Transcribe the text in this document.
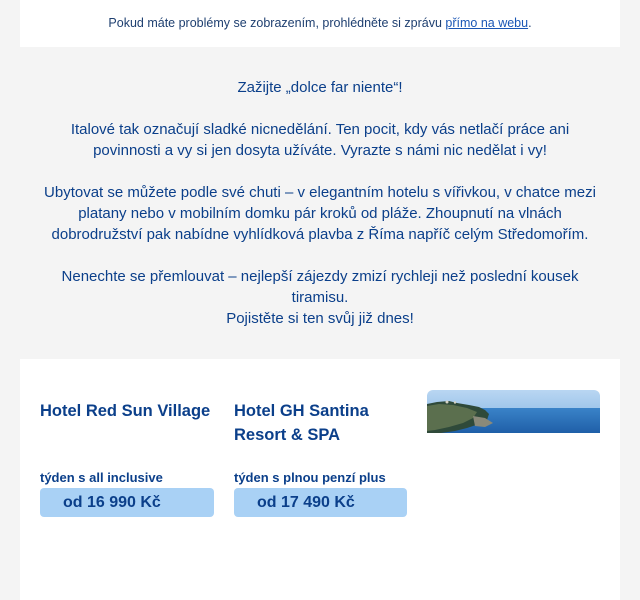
Pokud máte problémy se zobrazením, prohlédněte si zprávu přímo na webu.

Zažijte „dolce far niente“!

Italové tak označují sladké nicnedělání. Ten pocit, kdy vás netlačí práce ani povinnosti a vy si jen dosyta užíváte. Vyrazte s námi nic nedělat i vy!

Ubytovat se můžete podle své chuti – v elegantním hotelu s vířivkou, v chatce mezi platany nebo v mobilním domku pár kroků od pláže. Zhoupnutí na vlnách dobrodružství pak nabídne vyhlídková plavba z Říma napříč celým Středomořím.

Nenechte se přemlouvat – nejlepší zájezdy zmizí rychleji než poslední kousek tiramisu.

Pojistěte si ten svůj již dnes!

Hotel Red Sun Village
týden s all inclusive
od 16 990 Kč
Hotel GH Santina Resort & SPA
týden s plnou penzí plus
od 17 490 Kč
